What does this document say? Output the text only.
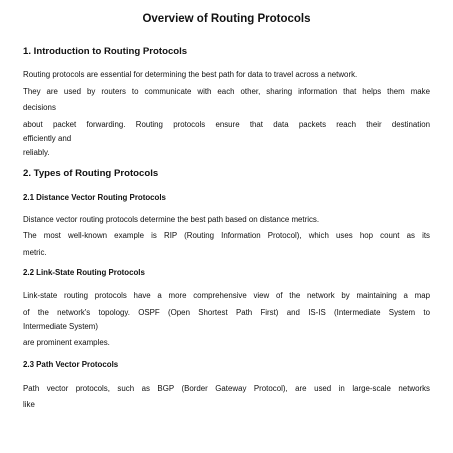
Overview of Routing Protocols
1. Introduction to Routing Protocols
Routing protocols are essential for determining the best path for data to travel across a network.
They are used by routers to communicate with each other, sharing information that helps them make
decisions
about packet forwarding. Routing protocols ensure that data packets reach their destination
efficiently and
reliably.
2. Types of Routing Protocols
2.1 Distance Vector Routing Protocols
Distance vector routing protocols determine the best path based on distance metrics.
The most well-known example is RIP (Routing Information Protocol), which uses hop count as its
metric.
2.2 Link-State Routing Protocols
Link-state routing protocols have a more comprehensive view of the network by maintaining a map
of the network's topology. OSPF (Open Shortest Path First) and IS-IS (Intermediate System to
Intermediate System)
are prominent examples.
2.3 Path Vector Protocols
Path vector protocols, such as BGP (Border Gateway Protocol), are used in large-scale networks
like
